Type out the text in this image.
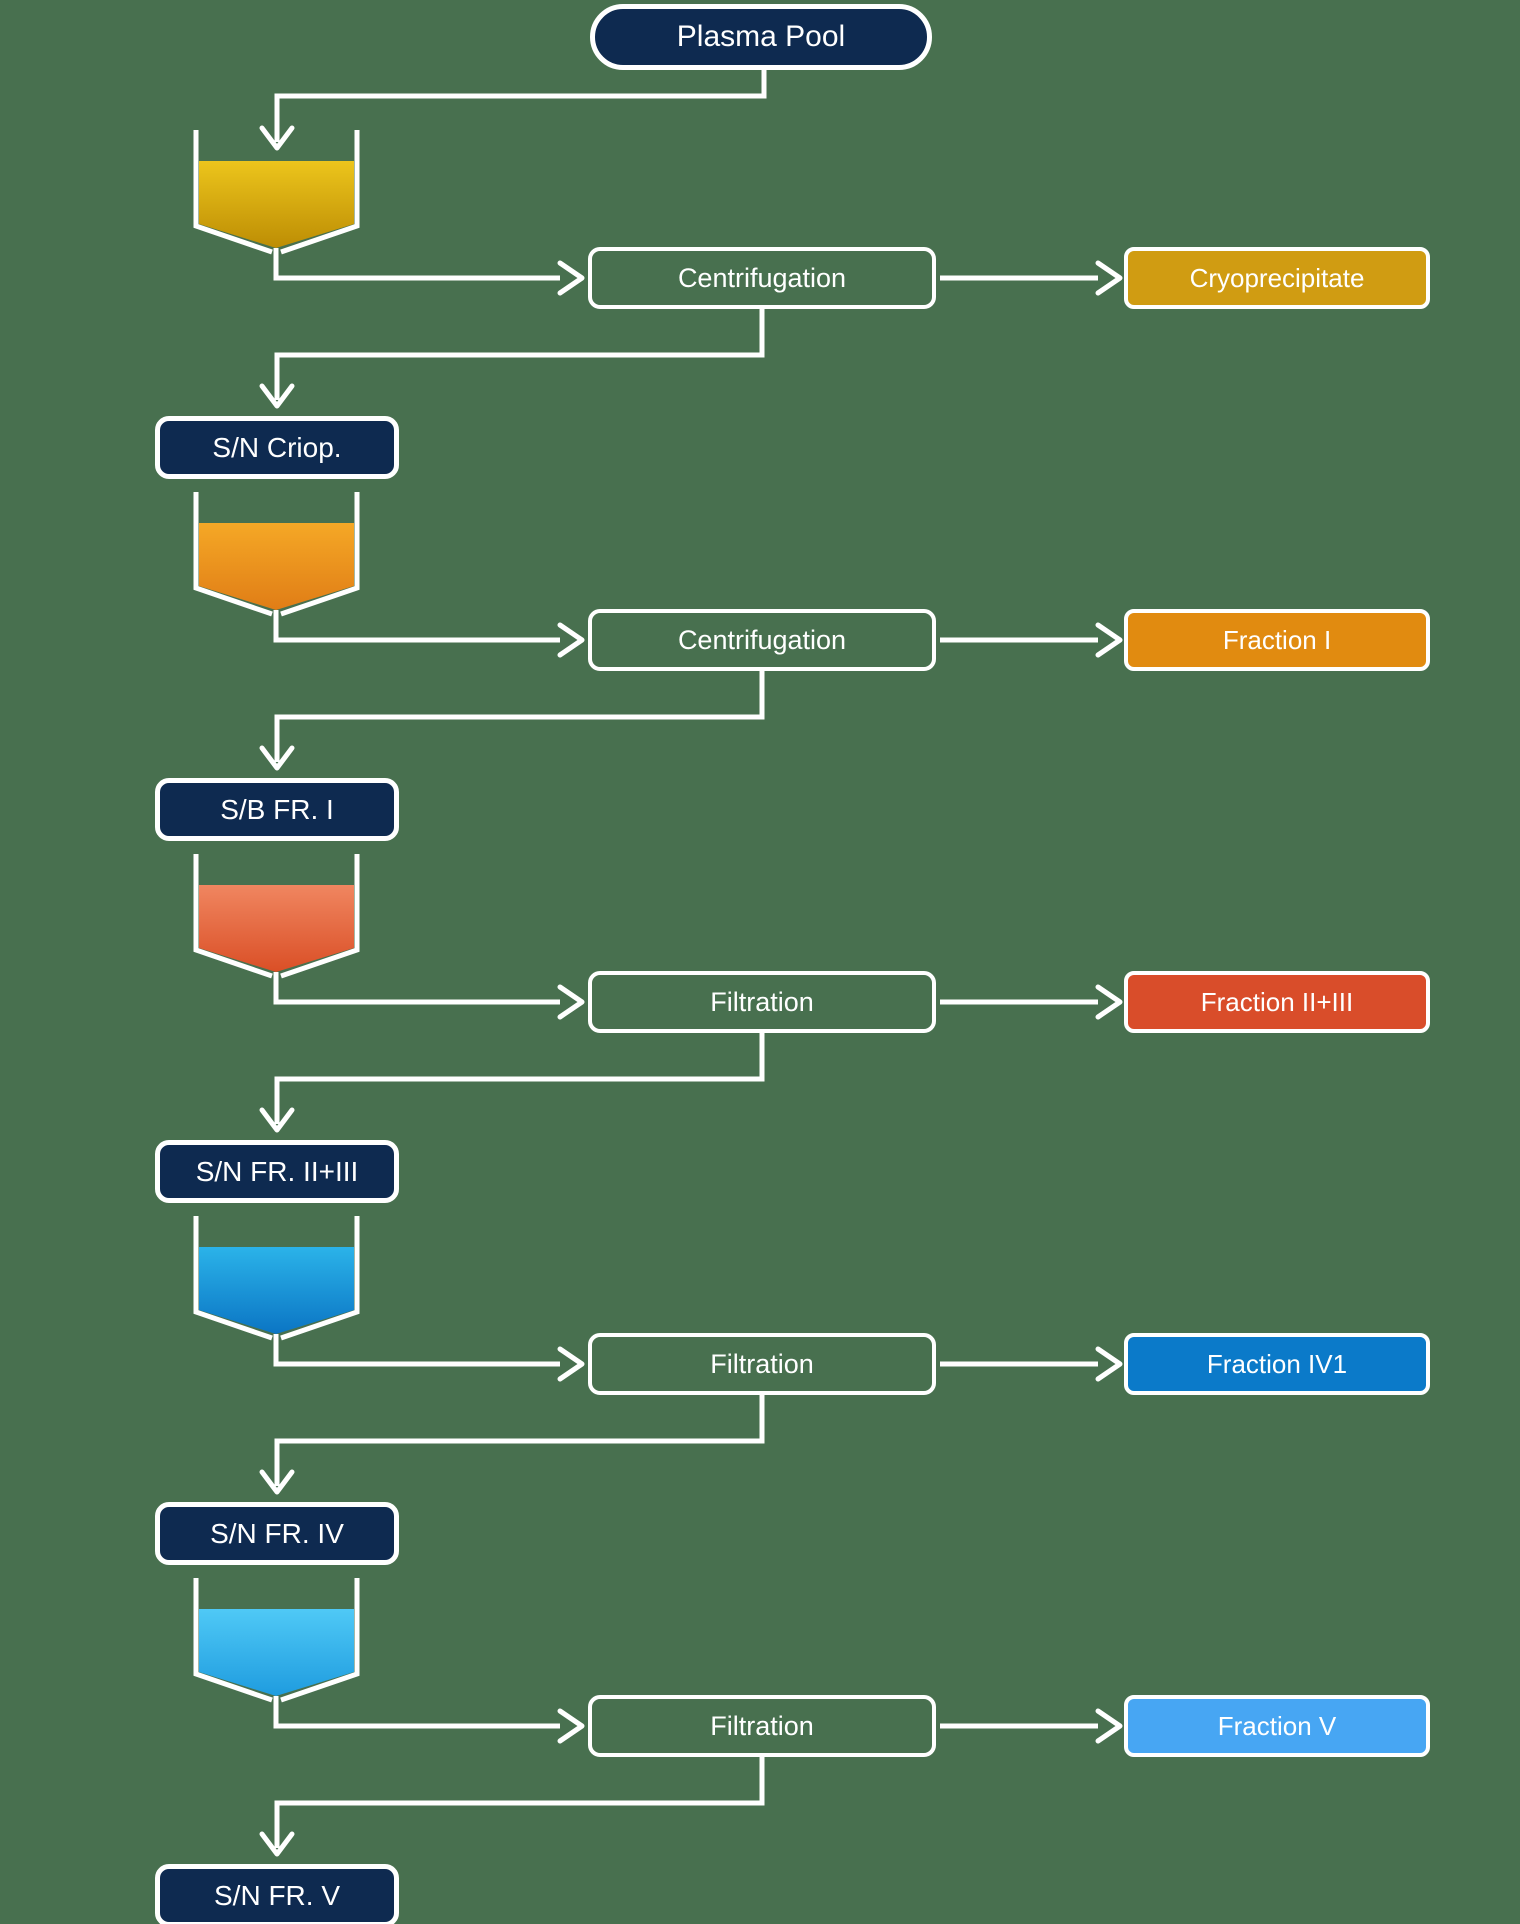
Plasma Pool
Centrifugation	Cryoprecipitate
S/N Criop.
Centrifugation	Fraction I
S/B FR. I
Filtration	Fraction II+III
S/N FR. II+III
Filtration	Fraction IV1
S/N FR. IV
Filtration	Fraction V
S/N FR. V
